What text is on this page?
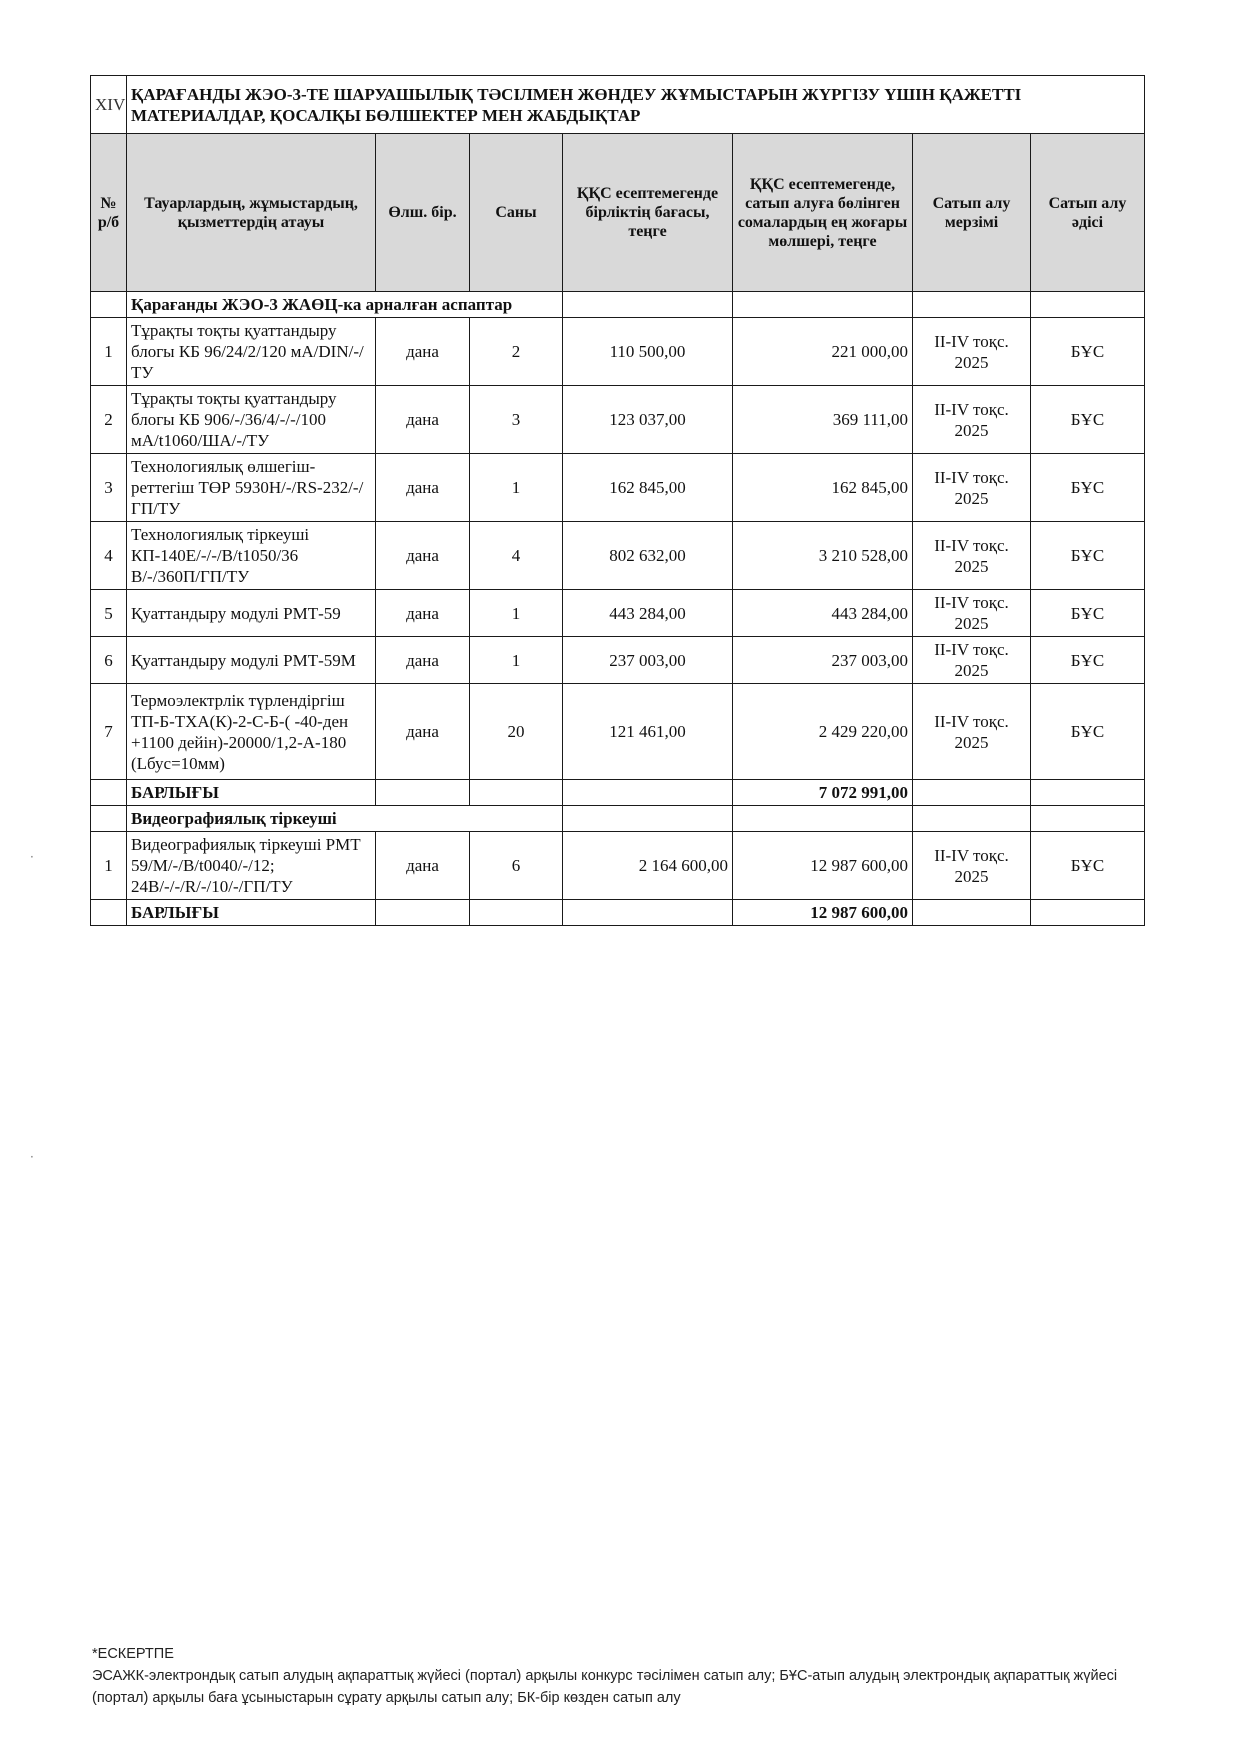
·
·
XIV	ҚАРАҒАНДЫ ЖЭО-3-ТЕ ШАРУАШЫЛЫҚ ТӘСІЛМЕН ЖӨНДЕУ ЖҰМЫСТАРЫН ЖҮРГІЗУ ҮШІН ҚАЖЕТТІ МАТЕРИАЛДАР, ҚОСАЛҚЫ БӨЛШЕКТЕР МЕН ЖАБДЫҚТАР						
№ р/б	Тауарлардың, жұмыстардың, қызметтердің атауы	Өлш. бір.	Саны	ҚҚС есептемегенде бірліктің бағасы, теңге	ҚҚС есептемегенде, сатып алуға бөлінген сомалардың ең жоғары мөлшері, теңге	Сатып алу мерзімі	Сатып алу әдісі
	Қарағанды ЖЭО-3 ЖАӨЦ-ка арналған аспаптар						
1	Тұрақты тоқты қуаттандыру блогы КБ 96/24/2/120 мА/DIN/-/ТУ	дана	2	110 500,00	221 000,00	ІІ-IV тоқс. 2025	БҰС
2	Тұрақты тоқты қуаттандыру блогы КБ 906/-/36/4/-/-/100 мА/t1060/ШA/-/ТУ	дана	3	123 037,00	369 111,00	ІІ-IV тоқс. 2025	БҰС
3	Технологиялық өлшегіш-реттегіш ТӨР 5930Н/-/RS-232/-/ГП/ТУ	дана	1	162 845,00	162 845,00	ІІ-IV тоқс. 2025	БҰС
4	Технологиялық тіркеуші КП-140Е/-/-/В/t1050/36 В/-/360П/ГП/ТУ	дана	4	802 632,00	3 210 528,00	ІІ-IV тоқс. 2025	БҰС
5	Қуаттандыру модулі РМТ-59	дана	1	443 284,00	443 284,00	ІІ-IV тоқс. 2025	БҰС
6	Қуаттандыру модулі РМТ-59М	дана	1	237 003,00	237 003,00	ІІ-IV тоқс. 2025	БҰС
7	Термоэлектрлік түрлендіргіш ТП-Б-ТХА(К)-2-С-Б-( -40-ден +1100 дейін)-20000/1,2-А-180 (Lбус=10мм)	дана	20	121 461,00	2 429 220,00	ІІ-IV тоқс. 2025	БҰС
	БАРЛЫҒЫ				7 072 991,00		
	Видеографиялық тіркеуші						
1	Видеографиялық тіркеуші РМТ 59/М/-/В/t0040/-/12; 24В/-/-/R/-/10/-/ГП/ТУ	дана	6	2 164 600,00	12 987 600,00	ІІ-IV тоқс. 2025	БҰС
	БАРЛЫҒЫ				12 987 600,00		
*ЕСКЕРТПЕ
ЭСАЖК-электрондық сатып алудың ақпараттық жүйесі (портал) арқылы конкурс тәсілімен сатып алу; БҰС-атып алудың электрондық ақпараттық жүйесі (портал) арқылы баға ұсыныстарын сұрату арқылы сатып алу; БК-бір көзден сатып алу
